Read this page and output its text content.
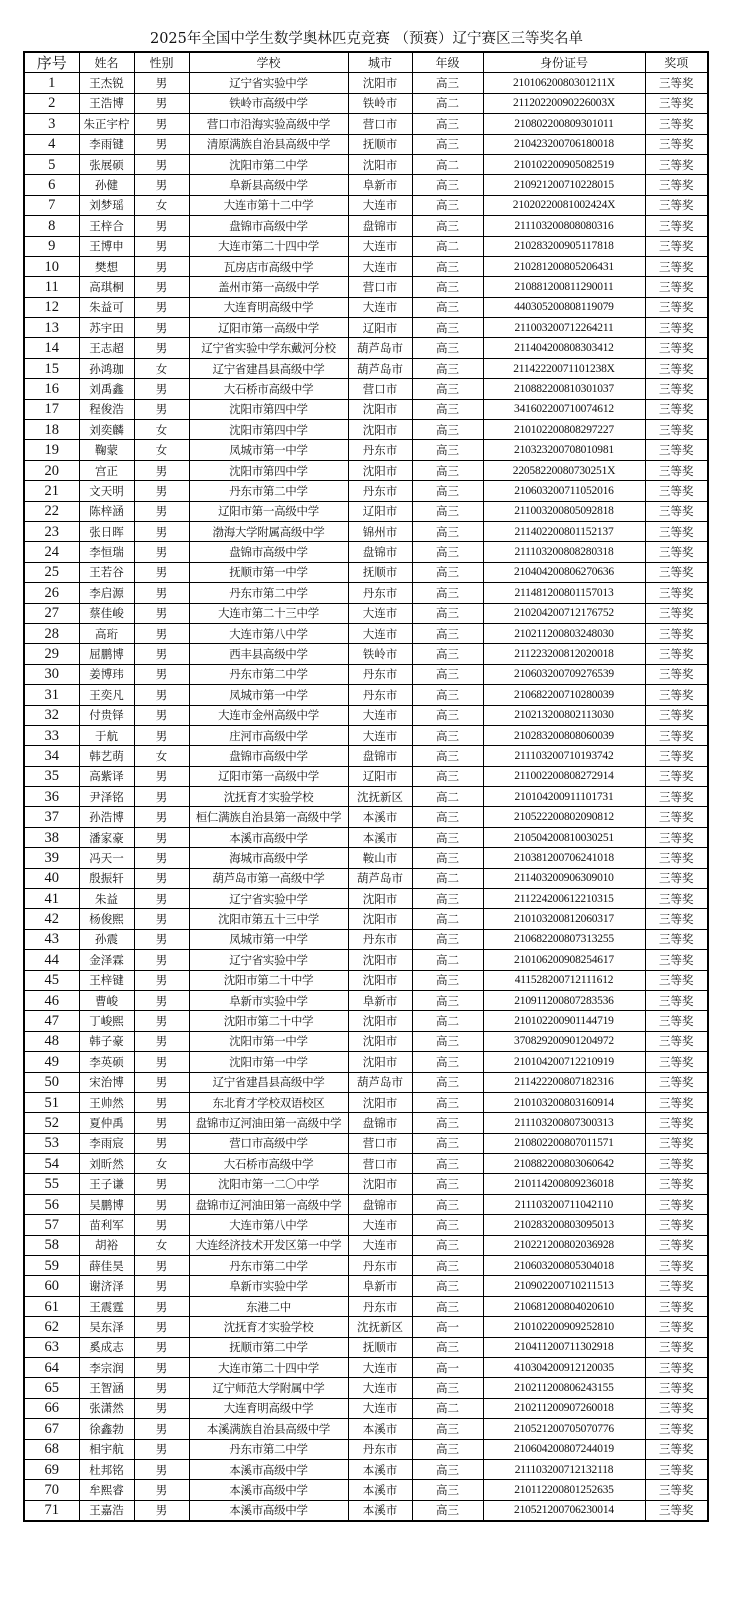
2025年全国中学生数学奥林匹克竞赛 （预赛）辽宁赛区三等奖名单
序号	姓名	性别	学校	城市	年级	身份证号	奖项
1	王杰锐	男	辽宁省实验中学	沈阳市	高三	21010620080301211X	三等奖
2	王浩博	男	铁岭市高级中学	铁岭市	高二	21120220090226003X	三等奖
3	朱正宇柠	男	营口市沿海实验高级中学	营口市	高三	210802200809301011	三等奖
4	李雨键	男	清原满族自治县高级中学	抚顺市	高三	210423200706180018	三等奖
5	张展硕	男	沈阳市第二中学	沈阳市	高二	210102200905082519	三等奖
6	孙健	男	阜新县高级中学	阜新市	高三	210921200710228015	三等奖
7	刘梦瑶	女	大连市第十二中学	大连市	高三	21020220081002424X	三等奖
8	王梓合	男	盘锦市高级中学	盘锦市	高三	211103200808080316	三等奖
9	王博申	男	大连市第二十四中学	大连市	高二	210283200905117818	三等奖
10	樊想	男	瓦房店市高级中学	大连市	高三	210281200805206431	三等奖
11	高琪桐	男	盖州市第一高级中学	营口市	高三	210881200811290011	三等奖
12	朱益可	男	大连育明高级中学	大连市	高三	440305200808119079	三等奖
13	苏宇田	男	辽阳市第一高级中学	辽阳市	高三	211003200712264211	三等奖
14	王志超	男	辽宁省实验中学东戴河分校	葫芦岛市	高三	211404200808303412	三等奖
15	孙鸿珈	女	辽宁省建昌县高级中学	葫芦岛市	高三	21142220071101238X	三等奖
16	刘禹鑫	男	大石桥市高级中学	营口市	高三	210882200810301037	三等奖
17	程俊浩	男	沈阳市第四中学	沈阳市	高三	341602200710074612	三等奖
18	刘奕麟	女	沈阳市第四中学	沈阳市	高三	210102200808297227	三等奖
19	鞠蒙	女	凤城市第一中学	丹东市	高三	210323200708010981	三等奖
20	宫正	男	沈阳市第四中学	沈阳市	高三	22058220080730251X	三等奖
21	文天明	男	丹东市第二中学	丹东市	高三	210603200711052016	三等奖
22	陈梓涵	男	辽阳市第一高级中学	辽阳市	高三	211003200805092818	三等奖
23	张日晖	男	渤海大学附属高级中学	锦州市	高三	211402200801152137	三等奖
24	李恒瑞	男	盘锦市高级中学	盘锦市	高三	211103200808280318	三等奖
25	王若谷	男	抚顺市第一中学	抚顺市	高三	210404200806270636	三等奖
26	李启源	男	丹东市第二中学	丹东市	高三	211481200801157013	三等奖
27	蔡佳峻	男	大连市第二十三中学	大连市	高三	210204200712176752	三等奖
28	高珩	男	大连市第八中学	大连市	高三	210211200803248030	三等奖
29	屈鹏博	男	西丰县高级中学	铁岭市	高三	211223200812020018	三等奖
30	姜博玮	男	丹东市第二中学	丹东市	高三	210603200709276539	三等奖
31	王奕凡	男	凤城市第一中学	丹东市	高三	210682200710280039	三等奖
32	付贵铎	男	大连市金州高级中学	大连市	高三	210213200802113030	三等奖
33	于航	男	庄河市高级中学	大连市	高三	210283200808060039	三等奖
34	韩艺萌	女	盘锦市高级中学	盘锦市	高三	211103200710193742	三等奖
35	高紫译	男	辽阳市第一高级中学	辽阳市	高三	211002200808272914	三等奖
36	尹泽铭	男	沈抚育才实验学校	沈抚新区	高二	210104200911101731	三等奖
37	孙浩博	男	桓仁满族自治县第一高级中学	本溪市	高三	210522200802090812	三等奖
38	潘家豪	男	本溪市高级中学	本溪市	高三	210504200810030251	三等奖
39	冯天一	男	海城市高级中学	鞍山市	高三	210381200706241018	三等奖
40	殷振轩	男	葫芦岛市第一高级中学	葫芦岛市	高二	211403200906309010	三等奖
41	朱益	男	辽宁省实验中学	沈阳市	高三	211224200612210315	三等奖
42	杨俊熙	男	沈阳市第五十三中学	沈阳市	高二	210103200812060317	三等奖
43	孙震	男	凤城市第一中学	丹东市	高三	210682200807313255	三等奖
44	金泽霖	男	辽宁省实验中学	沈阳市	高二	210106200908254617	三等奖
45	王梓键	男	沈阳市第二十中学	沈阳市	高三	411528200712111612	三等奖
46	曹峻	男	阜新市实验中学	阜新市	高三	210911200807283536	三等奖
47	丁峻熙	男	沈阳市第二十中学	沈阳市	高二	210102200901144719	三等奖
48	韩子豪	男	沈阳市第一中学	沈阳市	高三	370829200901204972	三等奖
49	李英硕	男	沈阳市第一中学	沈阳市	高三	210104200712210919	三等奖
50	宋治博	男	辽宁省建昌县高级中学	葫芦岛市	高三	211422200807182316	三等奖
51	王帅然	男	东北育才学校双语校区	沈阳市	高三	210103200803160914	三等奖
52	夏仲禹	男	盘锦市辽河油田第一高级中学	盘锦市	高三	211103200807300313	三等奖
53	李雨宸	男	营口市高级中学	营口市	高三	210802200807011571	三等奖
54	刘昕然	女	大石桥市高级中学	营口市	高三	210882200803060642	三等奖
55	王子谦	男	沈阳市第一二〇中学	沈阳市	高三	210114200809236018	三等奖
56	吴鹏博	男	盘锦市辽河油田第一高级中学	盘锦市	高三	211103200711042110	三等奖
57	苗利军	男	大连市第八中学	大连市	高三	210283200803095013	三等奖
58	胡裕	女	大连经济技术开发区第一中学	大连市	高三	210221200802036928	三等奖
59	薛佳昊	男	丹东市第二中学	丹东市	高三	210603200805304018	三等奖
60	谢济泽	男	阜新市实验中学	阜新市	高三	210902200710211513	三等奖
61	王震霆	男	东港二中	丹东市	高三	210681200804020610	三等奖
62	吴东泽	男	沈抚育才实验学校	沈抚新区	高一	210102200909252810	三等奖
63	奚成志	男	抚顺市第二中学	抚顺市	高三	210411200711302918	三等奖
64	李宗润	男	大连市第二十四中学	大连市	高一	410304200912120035	三等奖
65	王智涵	男	辽宁师范大学附属中学	大连市	高三	210211200806243155	三等奖
66	张潇然	男	大连育明高级中学	大连市	高二	210211200907260018	三等奖
67	徐鑫勃	男	本溪满族自治县高级中学	本溪市	高三	210521200705070776	三等奖
68	相宇航	男	丹东市第二中学	丹东市	高三	210604200807244019	三等奖
69	杜邦铭	男	本溪市高级中学	本溪市	高三	211103200712132118	三等奖
70	牟熙睿	男	本溪市高级中学	本溪市	高三	210112200801252635	三等奖
71	王嘉浩	男	本溪市高级中学	本溪市	高三	210521200706230014	三等奖
